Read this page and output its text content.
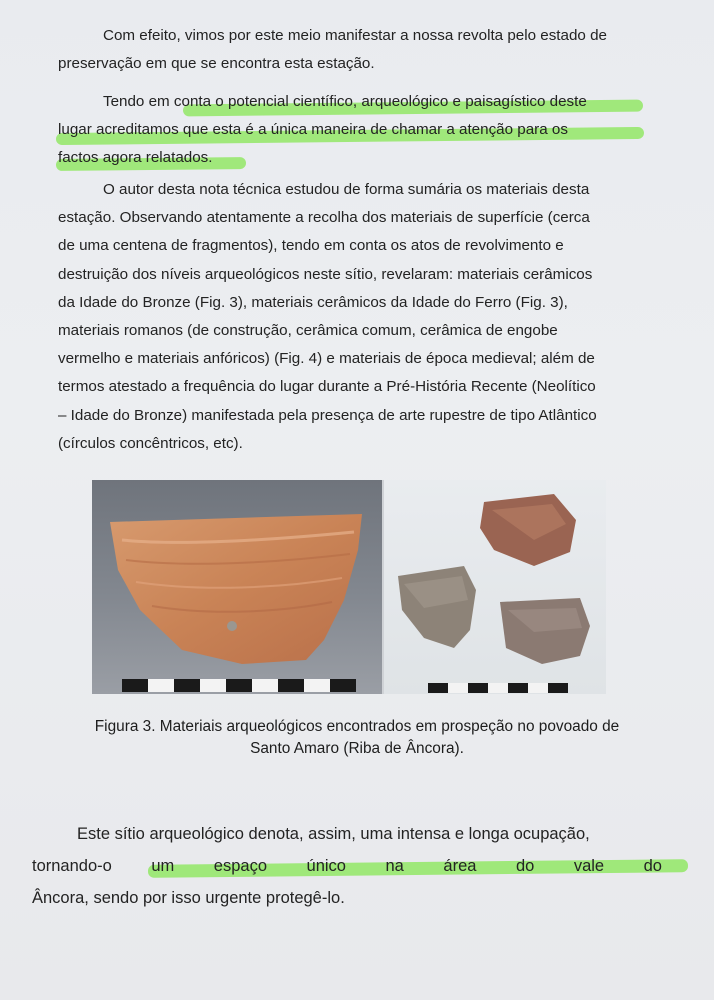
Com efeito, vimos por este meio manifestar a nossa revolta pelo estado de
preservação em que se encontra esta estação.
Tendo em conta o potencial científico, arqueológico e paisagístico deste
lugar acreditamos que esta é a única maneira de chamar a atenção para os
factos agora relatados.
O autor desta nota técnica estudou de forma sumária os materiais desta
estação. Observando atentamente a recolha dos materiais de superfície (cerca
de uma centena de fragmentos), tendo em conta os atos de revolvimento e
destruição dos níveis arqueológicos neste sítio, revelaram: materiais cerâmicos
da Idade do Bronze (Fig. 3), materiais cerâmicos da Idade do Ferro (Fig. 3),
materiais romanos (de construção, cerâmica comum, cerâmica de engobe
vermelho e materiais anfóricos) (Fig. 4) e materiais de época medieval; além de
termos atestado a frequência do lugar durante a Pré-História Recente (Neolítico
– Idade do Bronze) manifestada pela presença de arte rupestre de tipo Atlântico
(círculos concêntricos, etc).
Figura 3. Materiais arqueológicos encontrados em prospeção no povoado de
Santo Amaro (Riba de Âncora).
Este sítio arqueológico denota, assim, uma intensa e longa ocupação,
tornando-o um espaço único na área do vale do
Âncora, sendo por isso urgente protegê-lo.
